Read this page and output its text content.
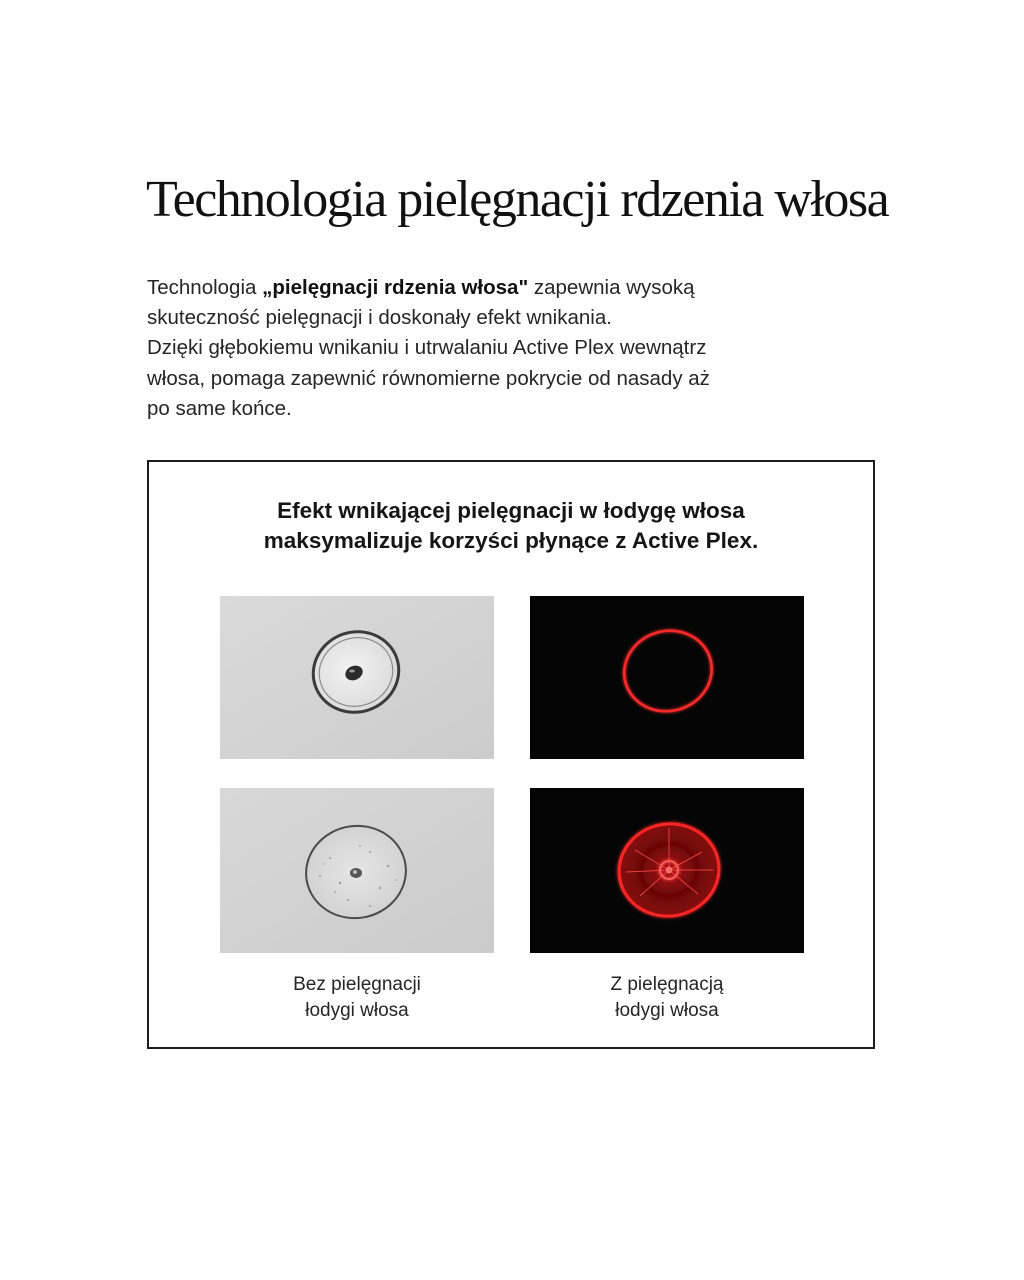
Technologia pielęgnacji rdzenia włosa

Technologia „pielęgnacji rdzenia włosa" zapewnia wysoką
skuteczność pielęgnacji i doskonały efekt wnikania.
Dzięki głębokiemu wnikaniu i utrwalaniu Active Plex wewnątrz
włosa, pomaga zapewnić równomierne pokrycie od nasady aż
po same końce.

Efekt wnikającej pielęgnacji w łodygę włosa
maksymalizuje korzyści płynące z Active Plex.
Bez pielęgnacji
łodygi włosa
Z pielęgnacją
łodygi włosa
